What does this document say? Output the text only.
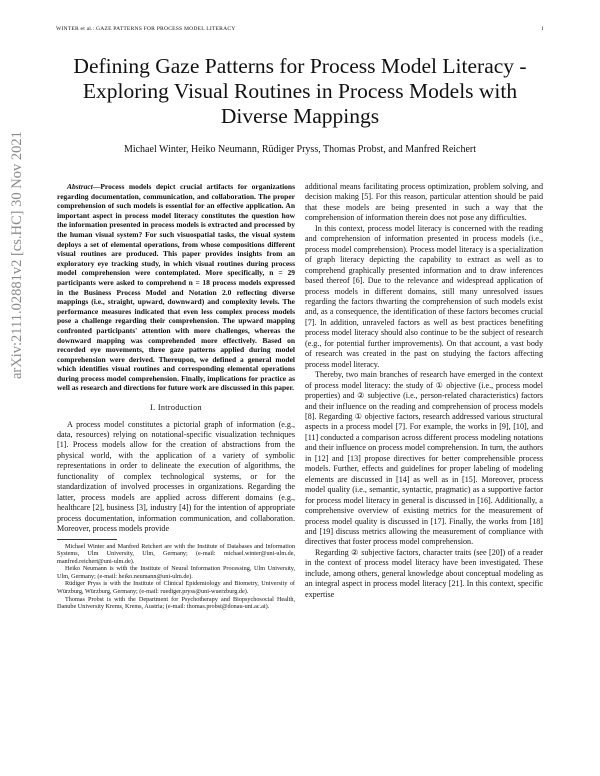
WINTER et al.: GAZE PATTERNS FOR PROCESS MODEL LITERACY	1
Defining Gaze Patterns for Process Model Literacy - Exploring Visual Routines in Process Models with Diverse Mappings
Michael Winter, Heiko Neumann, Rüdiger Pryss, Thomas Probst, and Manfred Reichert
arXiv:2111.02881v2 [cs.HC] 30 Nov 2021	Abstract—Process models depict crucial artifacts for organizations regarding documentation, communication, and collaboration. The proper comprehension of such models is essential for an effective application. An important aspect in process model literacy constitutes the question how the information presented in process models is extracted and processed by the human visual system? For such visuospatial tasks, the visual system deploys a set of elemental operations, from whose compositions different visual routines are produced. This paper provides insights from an exploratory eye tracking study, in which visual routines during process model comprehension were contemplated. More specifically, n = 29 participants were asked to comprehend n = 18 process models expressed in the Business Process Model and Notation 2.0 reflecting diverse mappings (i.e., straight, upward, downward) and complexity levels. The performance measures indicated that even less complex process models pose a challenge regarding their comprehension. The upward mapping confronted participants' attention with more challenges, whereas the downward mapping was comprehended more effectively. Based on recorded eye movements, three gaze patterns applied during model comprehension were derived. Thereupon, we defined a general model which identifies visual routines and corresponding elemental operations during process model comprehension. Finally, implications for practice as well as research and directions for future work are discussed in this paper.

I. Introduction

A process model constitutes a pictorial graph of information (e.g., data, resources) relying on notational-specific visualization techniques [1]. Process models allow for the creation of abstractions from the physical world, with the application of a variety of symbolic representations in order to delineate the execution of algorithms, the functionality of complex technological systems, or for the standardization of involved processes in organizations. Regarding the latter, process models are applied across different domains (e.g., healthcare [2], business [3], industry [4]) for the intention of appropriate process documentation, information communication, and collaboration. Moreover, process models provide

Michael Winter and Manfred Reichert are with the Institute of Databases and Information Systems, Ulm University, Ulm, Germany; (e-mail: michael.winter@uni-ulm.de, manfred.reichert@uni-ulm.de).

Heiko Neumann is with the Institute of Neural Information Processing, Ulm University, Ulm, Germany; (e-mail: heiko.neumann@uni-ulm.de).

Rüdiger Pryss is with the Institute of Clinical Epidemiology and Biometry, University of Würzburg, Würzburg, Germany; (e-mail: ruediger.pryss@uni-wuerzburg.de).

Thomas Probst is with the Department for Psychotherapy and Biopsychosocial Health, Danube University Krems, Krems, Austria; (e-mail: thomas.probst@donau-uni.ac.at).

additional means facilitating process optimization, problem solving, and decision making [5]. For this reason, particular attention should be paid that these models are being presented in such a way that the comprehension of information therein does not pose any difficulties.

In this context, process model literacy is concerned with the reading and comprehension of information presented in process models (i.e., process model comprehension). Process model literacy is a specialization of graph literacy depicting the capability to extract as well as to comprehend graphically presented information and to draw inferences based thereof [6]. Due to the relevance and widespread application of process models in different domains, still many unresolved issues regarding the factors thwarting the comprehension of such models exist and, as a consequence, the identification of these factors becomes crucial [7]. In addition, unraveled factors as well as best practices benefiting process model literacy should also continue to be the subject of research (e.g., for potential further improvements). On that account, a vast body of research was created in the past on studying the factors affecting process model literacy.

Thereby, two main branches of research have emerged in the context of process model literacy: the study of ① objective (i.e., process model properties) and ② subjective (i.e., person-related characteristics) factors and their influence on the reading and comprehension of process models [8]. Regarding ① objective factors, research addressed various structural aspects in a process model [7]. For example, the works in [9], [10], and [11] conducted a comparison across different process modeling notations and their influence on process model comprehension. In turn, the authors in [12] and [13] propose directives for better comprehensible process models. Further, effects and guidelines for proper labeling of modeling elements are discussed in [14] as well as in [15]. Moreover, process model quality (i.e., semantic, syntactic, pragmatic) as a supportive factor for process model literacy in general is discussed in [16]. Additionally, a comprehensive overview of existing metrics for the measurement of process model quality is discussed in [17]. Finally, the works from [18] and [19] discuss metrics allowing the measurement of compliance with directives that foster process model comprehension.

Regarding ② subjective factors, character traits (see [20]) of a reader in the context of process model literacy have been investigated. These include, among others, general knowledge about conceptual modeling as an integral aspect in process model literacy [21]. In this context, specific expertise
